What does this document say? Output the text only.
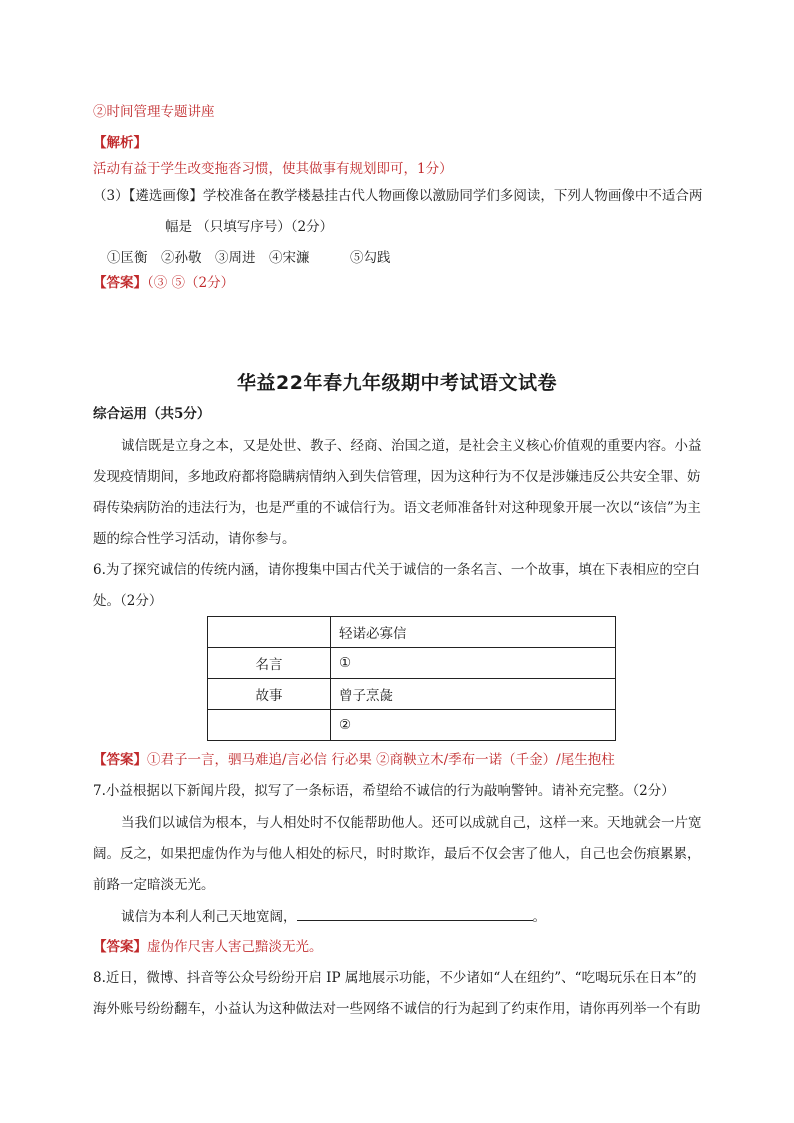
②时间管理专题讲座
【解析】
活动有益于学生改变拖沓习惯，使其做事有规划即可，1分）
（3）【遴选画像】学校准备在教学楼悬挂古代人物画像以激励同学们多阅读，下列人物画像中不适合两
幅是 （只填写序号）（2分）
①匡衡　②孙敬　③周进　④宋濂　　　⑤勾践
【答案】（③ ⑤（2分）
华益22年春九年级期中考试语文试卷
综合运用（共5分）
诚信既是立身之本，又是处世、教子、经商、治国之道，是社会主义核心价值观的重要内容。小益
发现疫情期间，多地政府都将隐瞒病情纳入到失信管理，因为这种行为不仅是涉嫌违反公共安全罪、妨
碍传染病防治的违法行为，也是严重的不诚信行为。语文老师准备针对这种现象开展一次以“该信”为主
题的综合性学习活动，请你参与。
6.为了探究诚信的传统内涵，请你搜集中国古代关于诚信的一条名言、一个故事，填在下表相应的空白
处。（2分）
	轻诺必寡信
名言	①
故事	曾子烹彘
	②
【答案】①君子一言，驷马难追/言必信 行必果 ②商鞅立木/季布一诺（千金）/尾生抱柱
7.小益根据以下新闻片段，拟写了一条标语，希望给不诚信的行为敲响警钟。请补充完整。（2分）
当我们以诚信为根本，与人相处时不仅能帮助他人。还可以成就自己，这样一来。天地就会一片宽
阔。反之，如果把虚伪作为与他人相处的标尺，时时欺诈，最后不仅会害了他人，自己也会伤痕累累，
前路一定暗淡无光。
诚信为本利人利己天地宽阔，	。
【答案】虚伪作尺害人害己黯淡无光。
8.近日，微博、抖音等公众号纷纷开启 IP 属地展示功能，不少诸如“人在纽约”、“吃喝玩乐在日本”的
海外账号纷纷翻车，小益认为这种做法对一些网络不诚信的行为起到了约束作用，请你再列举一个有助
